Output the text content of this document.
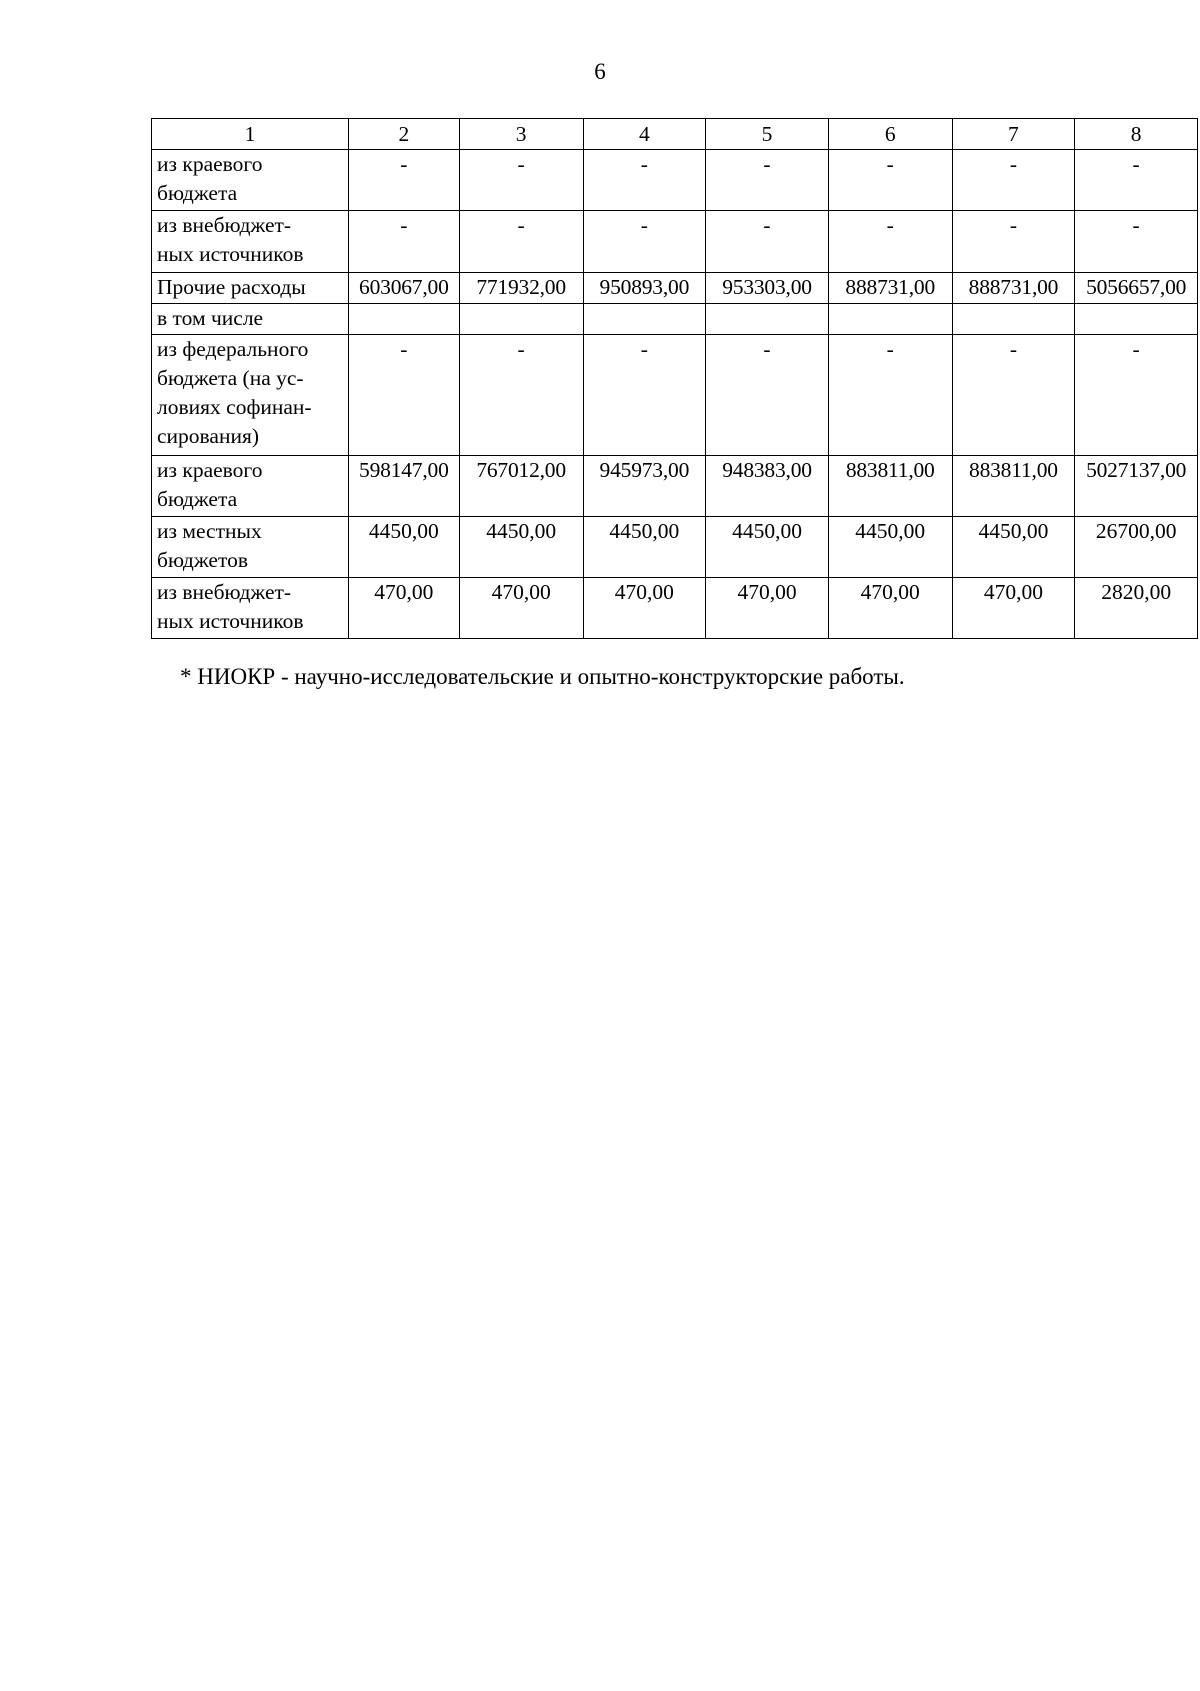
6
1	2	3	4	5	6	7	8

из краевого
бюджета	-	-	-	-	-	-	-

из внебюджет-
ных источников	-	-	-	-	-	-	-

Прочие расходы	603067,00	771932,00	950893,00	953303,00	888731,00	888731,00	5056657,00

в том числе							

из федерального
бюджета (на ус-
ловиях софинан-
сирования)	-	-	-	-	-	-	-

из краевого
бюджета	598147,00	767012,00	945973,00	948383,00	883811,00	883811,00	5027137,00

из местных
бюджетов	4450,00	4450,00	4450,00	4450,00	4450,00	4450,00	26700,00

из внебюджет-
ных источников	470,00	470,00	470,00	470,00	470,00	470,00	2820,00
* НИОКР - научно-исследовательские и опытно-конструкторские работы.
